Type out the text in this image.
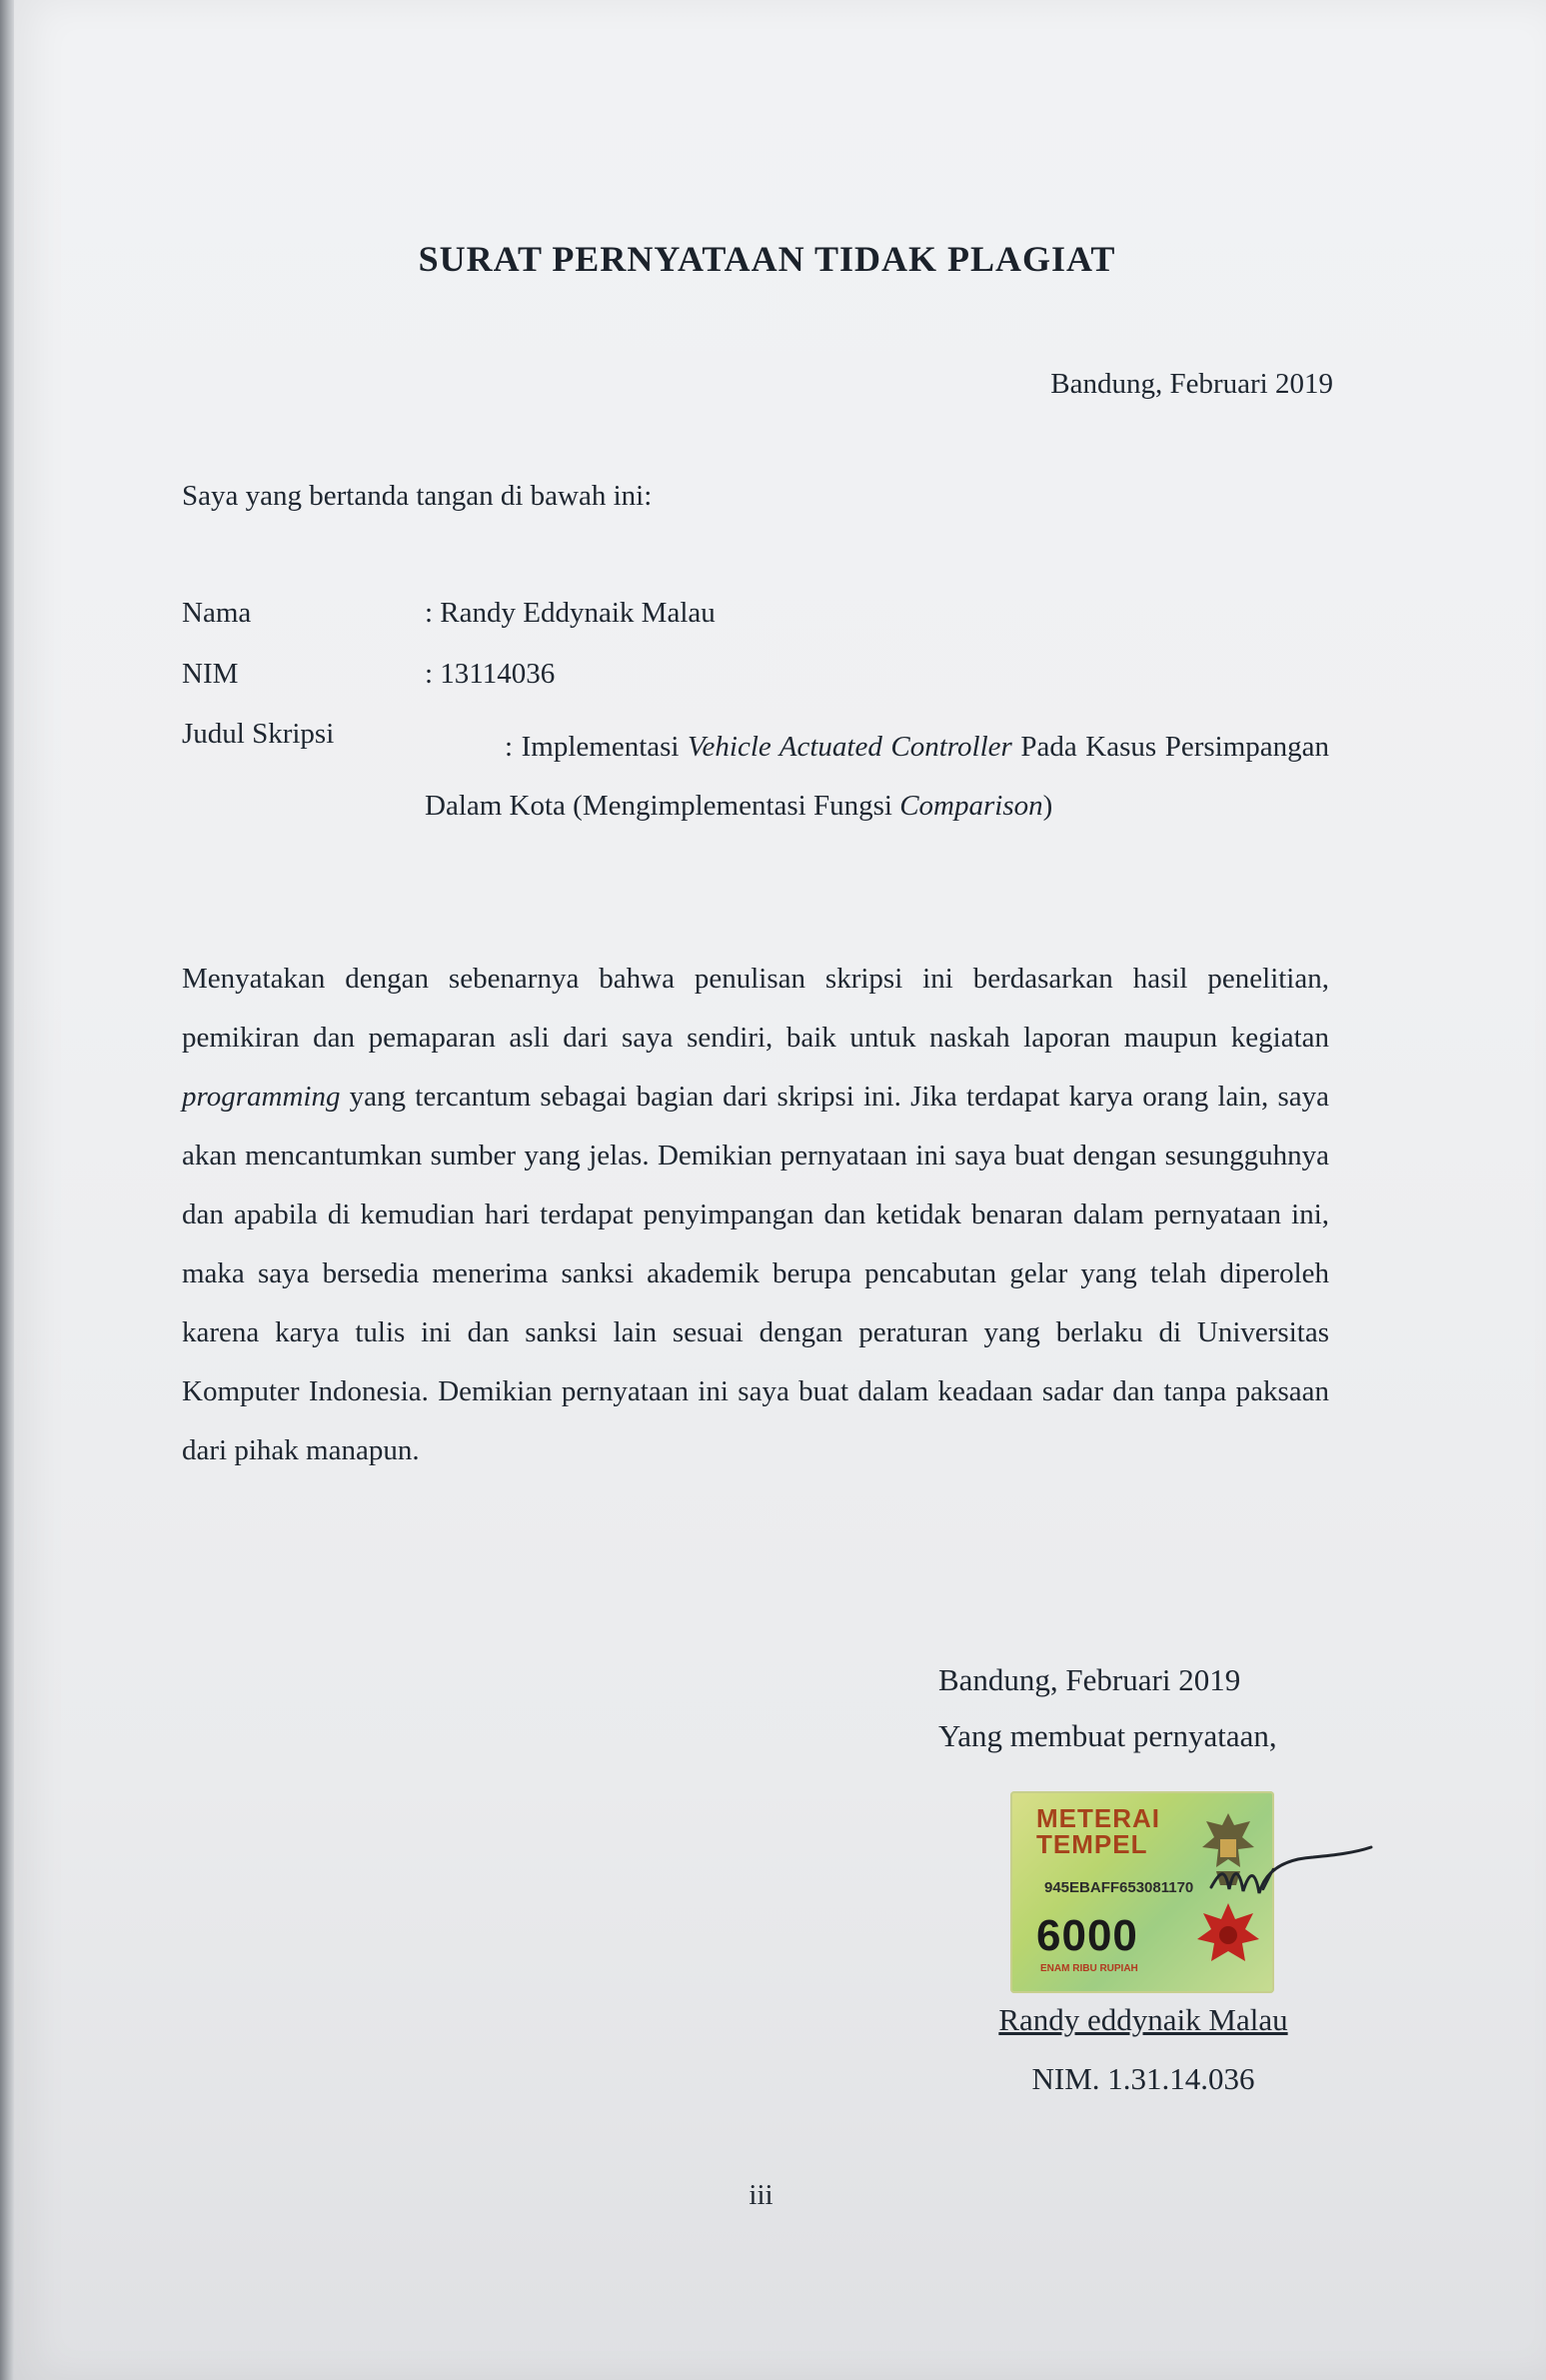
SURAT PERNYATAAN TIDAK PLAGIAT
Bandung, Februari 2019
Saya yang bertanda tangan di bawah ini:
Nama	: Randy Eddynaik Malau
NIM	: 13114036
Judul Skripsi	: Implementasi Vehicle Actuated Controller Pada Kasus Persimpangan Dalam Kota (Mengimplementasi Fungsi Comparison)
Menyatakan dengan sebenarnya bahwa penulisan skripsi ini berdasarkan hasil penelitian, pemikiran dan pemaparan asli dari saya sendiri, baik untuk naskah laporan maupun kegiatan programming yang tercantum sebagai bagian dari skripsi ini. Jika terdapat karya orang lain, saya akan mencantumkan sumber yang jelas. Demikian pernyataan ini saya buat dengan sesungguhnya dan apabila di kemudian hari terdapat penyimpangan dan ketidak benaran dalam pernyataan ini, maka saya bersedia menerima sanksi akademik berupa pencabutan gelar yang telah diperoleh karena karya tulis ini dan sanksi lain sesuai dengan peraturan yang berlaku di Universitas Komputer Indonesia. Demikian pernyataan ini saya buat dalam keadaan sadar dan tanpa paksaan dari pihak manapun.
Bandung, Februari 2019
Yang membuat pernyataan,
METERAI
TEMPEL
945EBAFF653081170
6000
ENAM RIBU RUPIAH
Randy eddynaik Malau
NIM. 1.31.14.036
iii
